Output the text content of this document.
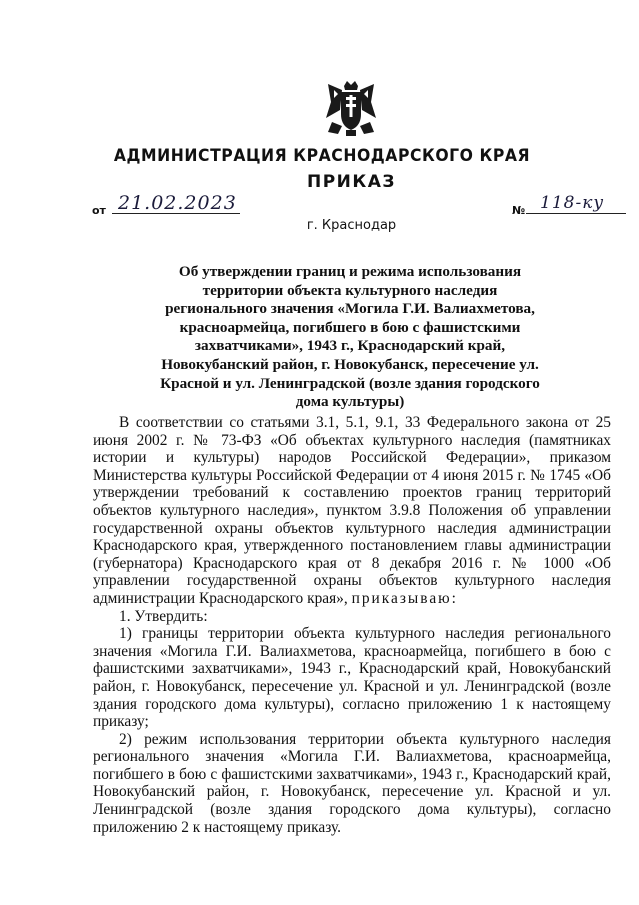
АДМИНИСТРАЦИЯ КРАСНОДАРСКОГО КРАЯ
ПРИКАЗ
от 21.02.2023	№ 118-ку
г. Краснодар
Об утверждении границ и режима использования территории объекта культурного наследия регионального значения «Могила Г.И. Валиахметова, красноармейца, погибшего в бою с фашистскими захватчиками», 1943 г., Краснодарский край, Новокубанский район, г. Новокубанск, пересечение ул. Красной и ул. Ленинградской (возле здания городского дома культуры)

В соответствии со статьями 3.1, 5.1, 9.1, 33 Федерального закона от 25 июня 2002 г. № 73-ФЗ «Об объектах культурного наследия (памятниках истории и культуры) народов Российской Федерации», приказом Министерства культуры Российской Федерации от 4 июня 2015 г. № 1745 «Об утверждении требований к составлению проектов границ территорий объектов культурного наследия», пунктом 3.9.8 Положения об управлении государственной охраны объектов культурного наследия администрации Краснодарского края, утвержденного постановлением главы администрации (губернатора) Краснодарского края от 8 декабря 2016 г. № 1000 «Об управлении государственной охраны объектов культурного наследия администрации Краснодарского края», приказываю:

1. Утвердить:

1) границы территории объекта культурного наследия регионального значения «Могила Г.И. Валиахметова, красноармейца, погибшего в бою с фашистскими захватчиками», 1943 г., Краснодарский край, Новокубанский район, г. Новокубанск, пересечение ул. Красной и ул. Ленинградской (возле здания городского дома культуры), согласно приложению 1 к настоящему приказу;

2) режим использования территории объекта культурного наследия регионального значения «Могила Г.И. Валиахметова, красноармейца, погибшего в бою с фашистскими захватчиками», 1943 г., Краснодарский край, Новокубанский район, г. Новокубанск, пересечение ул. Красной и ул. Ленинградской (возле здания городского дома культуры), согласно приложению 2 к настоящему приказу.
